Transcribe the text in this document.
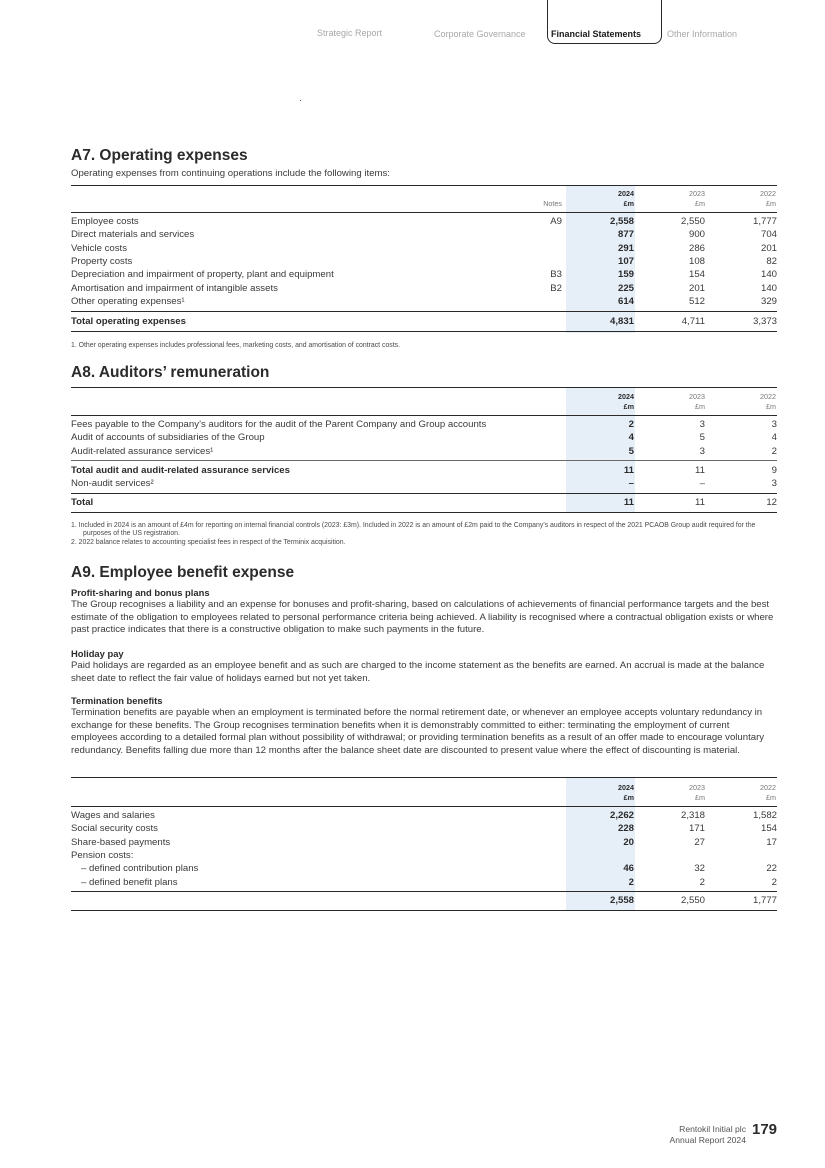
Strategic Report	Corporate Governance	Financial Statements	Other Information
A7. Operating expenses
Operating expenses from continuing operations include the following items:
Notes
2024
£m
2023
£m
2022
£m
Employee costs	A9	2,558	2,550	1,777
Direct materials and services	877	900	704
Vehicle costs	291	286	201
Property costs	107	108	82
Depreciation and impairment of property, plant and equipment	B3	159	154	140
Amortisation and impairment of intangible assets	B2	225	201	140
Other operating expenses¹	614	512	329
Total operating expenses	4,831	4,711	3,373
1. Other operating expenses includes professional fees, marketing costs, and amortisation of contract costs.
A8. Auditors’ remuneration
2024
£m
2023
£m
2022
£m
Fees payable to the Company’s auditors for the audit of the Parent Company and Group accounts	2	3	3
Audit of accounts of subsidiaries of the Group	4	5	4
Audit-related assurance services¹	5	3	2
Total audit and audit-related assurance services	11	11	9
Non-audit services²	–	–	3
Total	11	11	12
1. Included in 2024 is an amount of £4m for reporting on internal financial controls (2023: £3m). Included in 2022 is an amount of £2m paid to the Company’s auditors in respect of the 2021 PCAOB Group audit required for the purposes of the US registration.
2. 2022 balance relates to accounting specialist fees in respect of the Terminix acquisition.
A9. Employee benefit expense
Profit-sharing and bonus plans
The Group recognises a liability and an expense for bonuses and profit-sharing, based on calculations of achievements of financial performance targets and the best estimate of the obligation to employees related to personal performance criteria being achieved. A liability is recognised where a contractual obligation exists or where past practice indicates that there is a constructive obligation to make such payments in the future.
Holiday pay
Paid holidays are regarded as an employee benefit and as such are charged to the income statement as the benefits are earned. An accrual is made at the balance sheet date to reflect the fair value of holidays earned but not yet taken.
Termination benefits
Termination benefits are payable when an employment is terminated before the normal retirement date, or whenever an employee accepts voluntary redundancy in exchange for these benefits. The Group recognises termination benefits when it is demonstrably committed to either: terminating the employment of current employees according to a detailed formal plan without possibility of withdrawal; or providing termination benefits as a result of an offer made to encourage voluntary redundancy. Benefits falling due more than 12 months after the balance sheet date are discounted to present value where the effect of discounting is material.
2024
£m
2023
£m
2022
£m
Wages and salaries	2,262	2,318	1,582
Social security costs	228	171	154
Share-based payments	20	27	17
Pension costs:
– defined contribution plans	46	32	22
– defined benefit plans	2	2	2
2,558	2,550	1,777
Rentokil Initial plc
Annual Report 2024
179
